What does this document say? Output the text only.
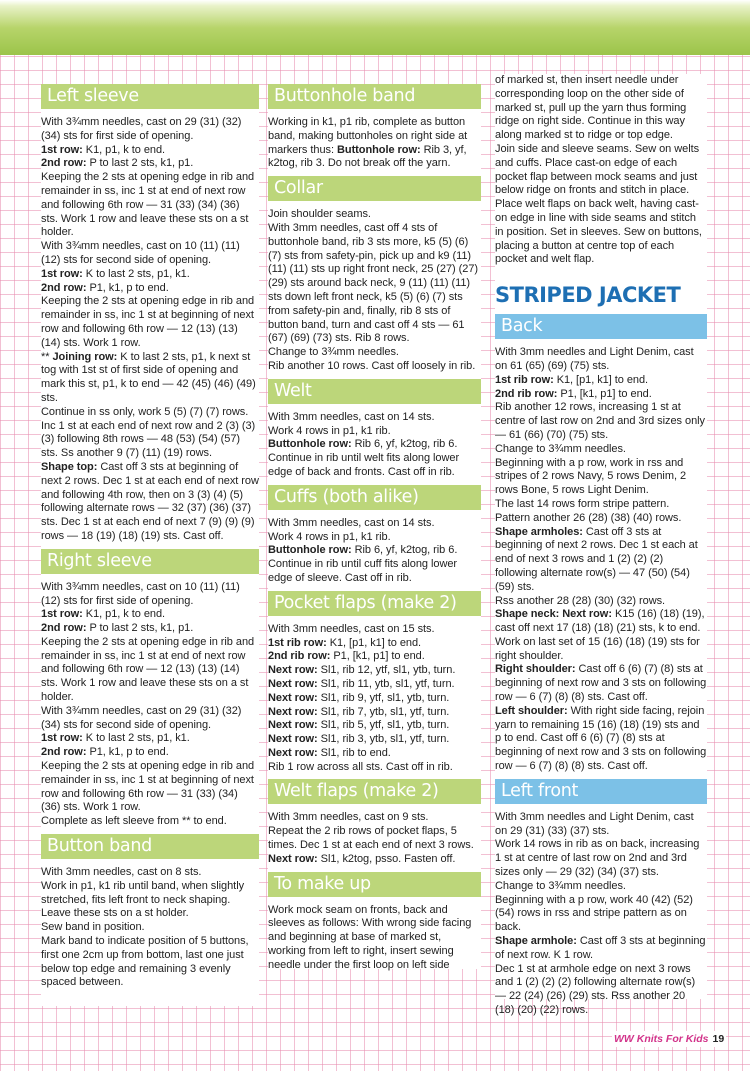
Left sleeve
With 3¾mm needles, cast on 29 (31) (32) (34) sts for first side of opening.
1st row: K1, p1, k to end.
2nd row: P to last 2 sts, k1, p1.
Keeping the 2 sts at opening edge in rib and remainder in ss, inc 1 st at end of next row and following 6th row — 31 (33) (34) (36) sts. Work 1 row and leave these sts on a st holder.
With 3¾mm needles, cast on 10 (11) (11) (12) sts for second side of opening.
1st row: K to last 2 sts, p1, k1.
2nd row: P1, k1, p to end.
Keeping the 2 sts at opening edge in rib and remainder in ss, inc 1 st at beginning of next row and following 6th row — 12 (13) (13) (14) sts. Work 1 row.
** Joining row: K to last 2 sts, p1, k next st tog with 1st st of first side of opening and mark this st, p1, k to end — 42 (45) (46) (49) sts.
Continue in ss only, work 5 (5) (7) (7) rows. Inc 1 st at each end of next row and 2 (3) (3) (3) following 8th rows — 48 (53) (54) (57) sts. Ss another 9 (7) (11) (19) rows.
Shape top: Cast off 3 sts at beginning of next 2 rows. Dec 1 st at each end of next row and following 4th row, then on 3 (3) (4) (5) following alternate rows — 32 (37) (36) (37) sts. Dec 1 st at each end of next 7 (9) (9) (9) rows — 18 (19) (18) (19) sts. Cast off.
Right sleeve
With 3¾mm needles, cast on 10 (11) (11) (12) sts for first side of opening.
1st row: K1, p1, k to end.
2nd row: P to last 2 sts, k1, p1.
Keeping the 2 sts at opening edge in rib and remainder in ss, inc 1 st at end of next row and following 6th row — 12 (13) (13) (14) sts. Work 1 row and leave these sts on a st holder.
With 3¾mm needles, cast on 29 (31) (32) (34) sts for second side of opening.
1st row: K to last 2 sts, p1, k1.
2nd row: P1, k1, p to end.
Keeping the 2 sts at opening edge in rib and remainder in ss, inc 1 st at beginning of next row and following 6th row — 31 (33) (34) (36) sts. Work 1 row.
Complete as left sleeve from ** to end.
Button band
With 3mm needles, cast on 8 sts.
Work in p1, k1 rib until band, when slightly stretched, fits left front to neck shaping. Leave these sts on a st holder.
Sew band in position.
Mark band to indicate position of 5 buttons, first one 2cm up from bottom, last one just below top edge and remaining 3 evenly spaced between.
Buttonhole band
Working in k1, p1 rib, complete as button band, making buttonholes on right side at markers thus: Buttonhole row: Rib 3, yf, k2tog, rib 3. Do not break off the yarn.
Collar
Join shoulder seams.
With 3mm needles, cast off 4 sts of buttonhole band, rib 3 sts more, k5 (5) (6) (7) sts from safety-pin, pick up and k9 (11) (11) (11) sts up right front neck, 25 (27) (27) (29) sts around back neck, 9 (11) (11) (11) sts down left front neck, k5 (5) (6) (7) sts from safety-pin and, finally, rib 8 sts of button band, turn and cast off 4 sts — 61 (67) (69) (73) sts. Rib 8 rows.
Change to 3¾mm needles.
Rib another 10 rows. Cast off loosely in rib.
Welt
With 3mm needles, cast on 14 sts.
Work 4 rows in p1, k1 rib.
Buttonhole row: Rib 6, yf, k2tog, rib 6. Continue in rib until welt fits along lower edge of back and fronts. Cast off in rib.
Cuffs (both alike)
With 3mm needles, cast on 14 sts.
Work 4 rows in p1, k1 rib.
Buttonhole row: Rib 6, yf, k2tog, rib 6. Continue in rib until cuff fits along lower edge of sleeve. Cast off in rib.
Pocket flaps (make 2)
With 3mm needles, cast on 15 sts.
1st rib row: K1, [p1, k1] to end.
2nd rib row: P1, [k1, p1] to end.
Next row: Sl1, rib 12, ytf, sl1, ytb, turn.
Next row: Sl1, rib 11, ytb, sl1, ytf, turn.
Next row: Sl1, rib 9, ytf, sl1, ytb, turn.
Next row: Sl1, rib 7, ytb, sl1, ytf, turn.
Next row: Sl1, rib 5, ytf, sl1, ytb, turn.
Next row: Sl1, rib 3, ytb, sl1, ytf, turn.
Next row: Sl1, rib to end.
Rib 1 row across all sts. Cast off in rib.
Welt flaps (make 2)
With 3mm needles, cast on 9 sts.
Repeat the 2 rib rows of pocket flaps, 5 times. Dec 1 st at each end of next 3 rows.
Next row: Sl1, k2tog, psso. Fasten off.
To make up
Work mock seam on fronts, back and sleeves as follows: With wrong side facing and beginning at base of marked st, working from left to right, insert sewing needle under the first loop on left side
of marked st, then insert needle under corresponding loop on the other side of marked st, pull up the yarn thus forming ridge on right side. Continue in this way along marked st to ridge or top edge.
Join side and sleeve seams. Sew on welts and cuffs. Place cast-on edge of each pocket flap between mock seams and just below ridge on fronts and stitch in place. Place welt flaps on back welt, having cast-on edge in line with side seams and stitch in position. Set in sleeves. Sew on buttons, placing a button at centre top of each pocket and welt flap.
STRIPED JACKET
Back
With 3mm needles and Light Denim, cast on 61 (65) (69) (75) sts.
1st rib row: K1, [p1, k1] to end.
2nd rib row: P1, [k1, p1] to end.
Rib another 12 rows, increasing 1 st at centre of last row on 2nd and 3rd sizes only — 61 (66) (70) (75) sts.
Change to 3¾mm needles.
Beginning with a p row, work in rss and stripes of 2 rows Navy, 5 rows Denim, 2 rows Bone, 5 rows Light Denim.
The last 14 rows form stripe pattern.
Pattern another 26 (28) (38) (40) rows.
Shape armholes: Cast off 3 sts at beginning of next 2 rows. Dec 1 st each at end of next 3 rows and 1 (2) (2) (2) following alternate row(s) — 47 (50) (54) (59) sts.
Rss another 28 (28) (30) (32) rows.
Shape neck: Next row: K15 (16) (18) (19), cast off next 17 (18) (18) (21) sts, k to end. Work on last set of 15 (16) (18) (19) sts for right shoulder.
Right shoulder: Cast off 6 (6) (7) (8) sts at beginning of next row and 3 sts on following row — 6 (7) (8) (8) sts. Cast off.
Left shoulder: With right side facing, rejoin yarn to remaining 15 (16) (18) (19) sts and p to end. Cast off 6 (6) (7) (8) sts at beginning of next row and 3 sts on following row — 6 (7) (8) (8) sts. Cast off.
Left front
With 3mm needles and Light Denim, cast on 29 (31) (33) (37) sts.
Work 14 rows in rib as on back, increasing 1 st at centre of last row on 2nd and 3rd sizes only — 29 (32) (34) (37) sts.
Change to 3¾mm needles.
Beginning with a p row, work 40 (42) (52) (54) rows in rss and stripe pattern as on back.
Shape armhole: Cast off 3 sts at beginning of next row. K 1 row.
Dec 1 st at armhole edge on next 3 rows and 1 (2) (2) (2) following alternate row(s) — 22 (24) (26) (29) sts. Rss another 20 (18) (20) (22) rows.
WW Knits For Kids 19
